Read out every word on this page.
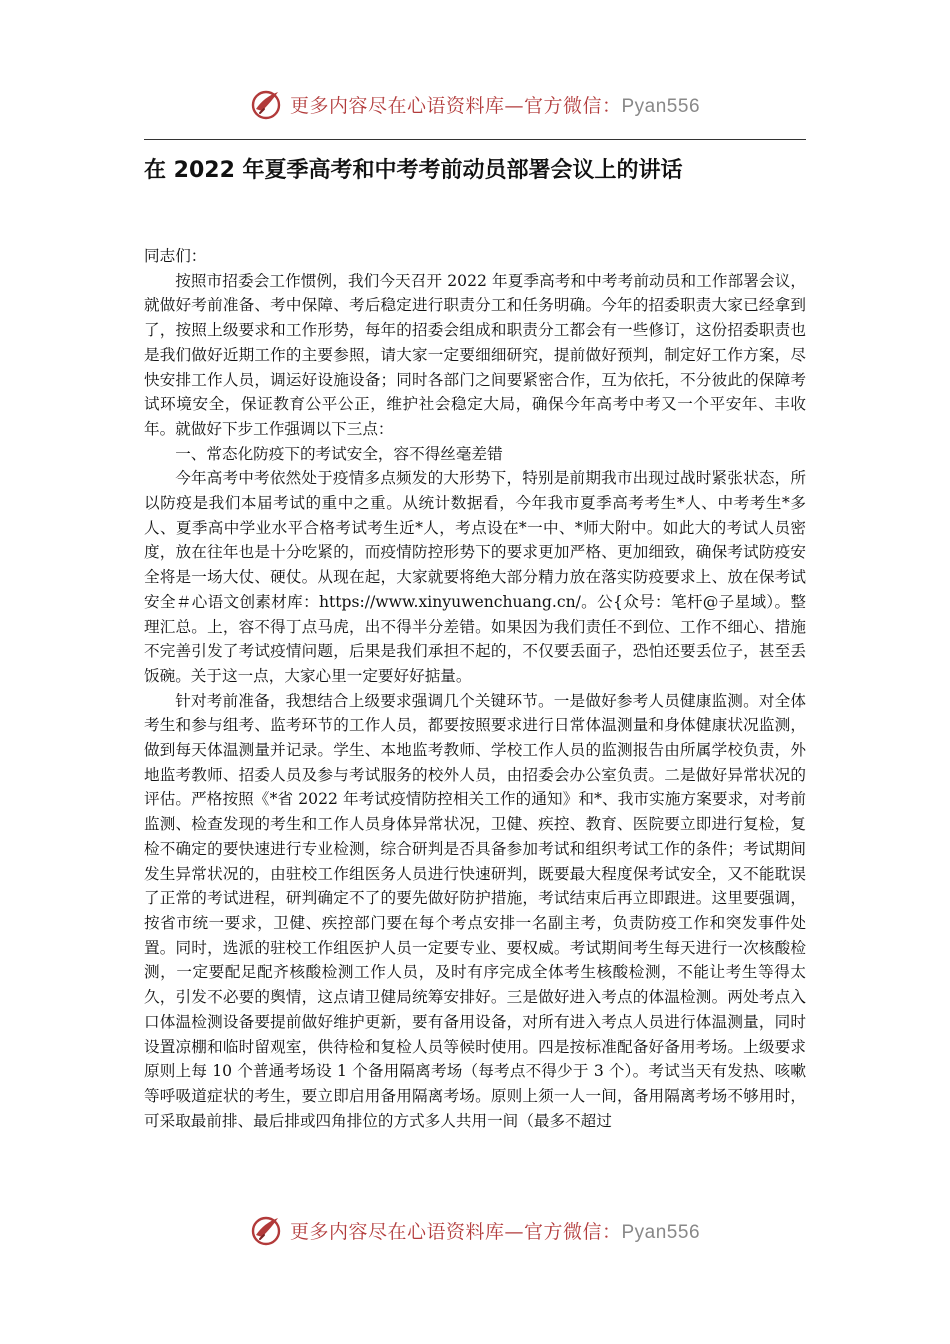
更多内容尽在心语资料库—官方微信：Pyan556
在 2022 年夏季高考和中考考前动员部署会议上的讲话

同志们：

按照市招委会工作惯例，我们今天召开 2022 年夏季高考和中考考前动员和工作部署会议，就做好考前准备、考中保障、考后稳定进行职责分工和任务明确。今年的招委职责大家已经拿到了，按照上级要求和工作形势，每年的招委会组成和职责分工都会有一些修订，这份招委职责也是我们做好近期工作的主要参照，请大家一定要细细研究，提前做好预判，制定好工作方案，尽快安排工作人员，调运好设施设备；同时各部门之间要紧密合作，互为依托，不分彼此的保障考试环境安全，保证教育公平公正，维护社会稳定大局，确保今年高考中考又一个平安年、丰收年。就做好下步工作强调以下三点：

一、常态化防疫下的考试安全，容不得丝毫差错

今年高考中考依然处于疫情多点频发的大形势下，特别是前期我市出现过战时紧张状态，所以防疫是我们本届考试的重中之重。从统计数据看，今年我市夏季高考考生*人、中考考生*多人、夏季高中学业水平合格考试考生近*人，考点设在*一中、*师大附中。如此大的考试人员密度，放在往年也是十分吃紧的，而疫情防控形势下的要求更加严格、更加细致，确保考试防疫安全将是一场大仗、硬仗。从现在起，大家就要将绝大部分精力放在落实防疫要求上、放在保考试安全＃心语文创素材库：https://www.xinyuwenchuang.cn/。公{众号：笔杆@子星域）。整理汇总。上，容不得丁点马虎，出不得半分差错。如果因为我们责任不到位、工作不细心、措施不完善引发了考试疫情问题，后果是我们承担不起的，不仅要丢面子，恐怕还要丢位子，甚至丢饭碗。关于这一点，大家心里一定要好好掂量。

针对考前准备，我想结合上级要求强调几个关键环节。一是做好参考人员健康监测。对全体考生和参与组考、监考环节的工作人员，都要按照要求进行日常体温测量和身体健康状况监测，做到每天体温测量并记录。学生、本地监考教师、学校工作人员的监测报告由所属学校负责，外地监考教师、招委人员及参与考试服务的校外人员，由招委会办公室负责。二是做好异常状况的评估。严格按照《*省 2022 年考试疫情防控相关工作的通知》和*、我市实施方案要求，对考前监测、检查发现的考生和工作人员身体异常状况，卫健、疾控、教育、医院要立即进行复检，复检不确定的要快速进行专业检测，综合研判是否具备参加考试和组织考试工作的条件；考试期间发生异常状况的，由驻校工作组医务人员进行快速研判，既要最大程度保考试安全，又不能耽误了正常的考试进程，研判确定不了的要先做好防护措施，考试结束后再立即跟进。这里要强调，按省市统一要求，卫健、疾控部门要在每个考点安排一名副主考，负责防疫工作和突发事件处置。同时，选派的驻校工作组医护人员一定要专业、要权威。考试期间考生每天进行一次核酸检测，一定要配足配齐核酸检测工作人员，及时有序完成全体考生核酸检测，不能让考生等得太久，引发不必要的舆情，这点请卫健局统筹安排好。三是做好进入考点的体温检测。两处考点入口体温检测设备要提前做好维护更新，要有备用设备，对所有进入考点人员进行体温测量，同时设置凉棚和临时留观室，供待检和复检人员等候时使用。四是按标准配备好备用考场。上级要求原则上每 10 个普通考场设 1 个备用隔离考场（每考点不得少于 3 个）。考试当天有发热、咳嗽等呼吸道症状的考生，要立即启用备用隔离考场。原则上须一人一间，备用隔离考场不够用时，可采取最前排、最后排或四角排位的方式多人共用一间（最多不超过

更多内容尽在心语资料库—官方微信：Pyan556
